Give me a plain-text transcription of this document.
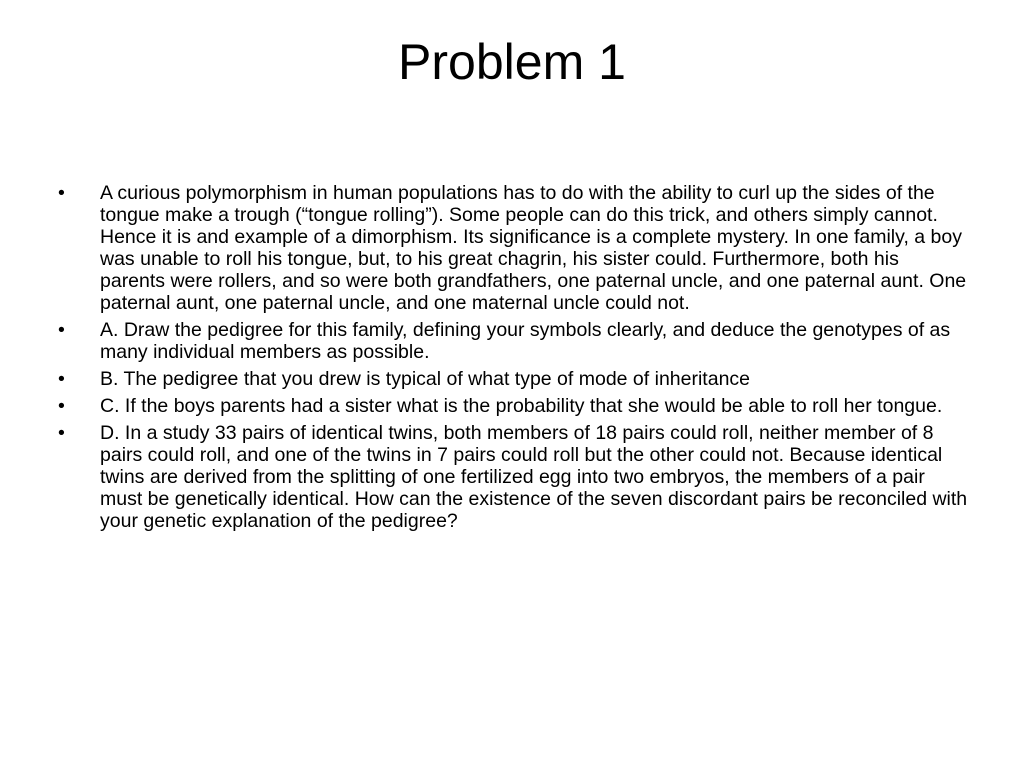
Problem 1
•	A curious polymorphism in human populations has to do with the ability to curl up the sides of the tongue make a trough (“tongue rolling”). Some people can do this trick, and others simply cannot. Hence it is and example of a dimorphism. Its significance is a complete mystery. In one family, a boy was unable to roll his tongue, but, to his great chagrin, his sister could. Furthermore, both his parents were rollers, and so were both grandfathers, one paternal uncle, and one paternal aunt. One paternal aunt, one paternal uncle, and one maternal uncle could not.
•	A. Draw the pedigree for this family, defining your symbols clearly, and deduce the genotypes of as many individual members as possible.
•	B. The pedigree that you drew is typical of what type of mode of inheritance
•	C. If the boys parents had a sister what is the probability that she would be able to roll her tongue.
•	D. In a study 33 pairs of identical twins, both members of 18 pairs could roll, neither member of 8 pairs could roll, and one of the twins in 7 pairs could roll but the other could not. Because identical twins are derived from the splitting of one fertilized egg into two embryos, the members of a pair must be genetically identical. How can the existence of the seven discordant pairs be reconciled with your genetic explanation of the pedigree?
